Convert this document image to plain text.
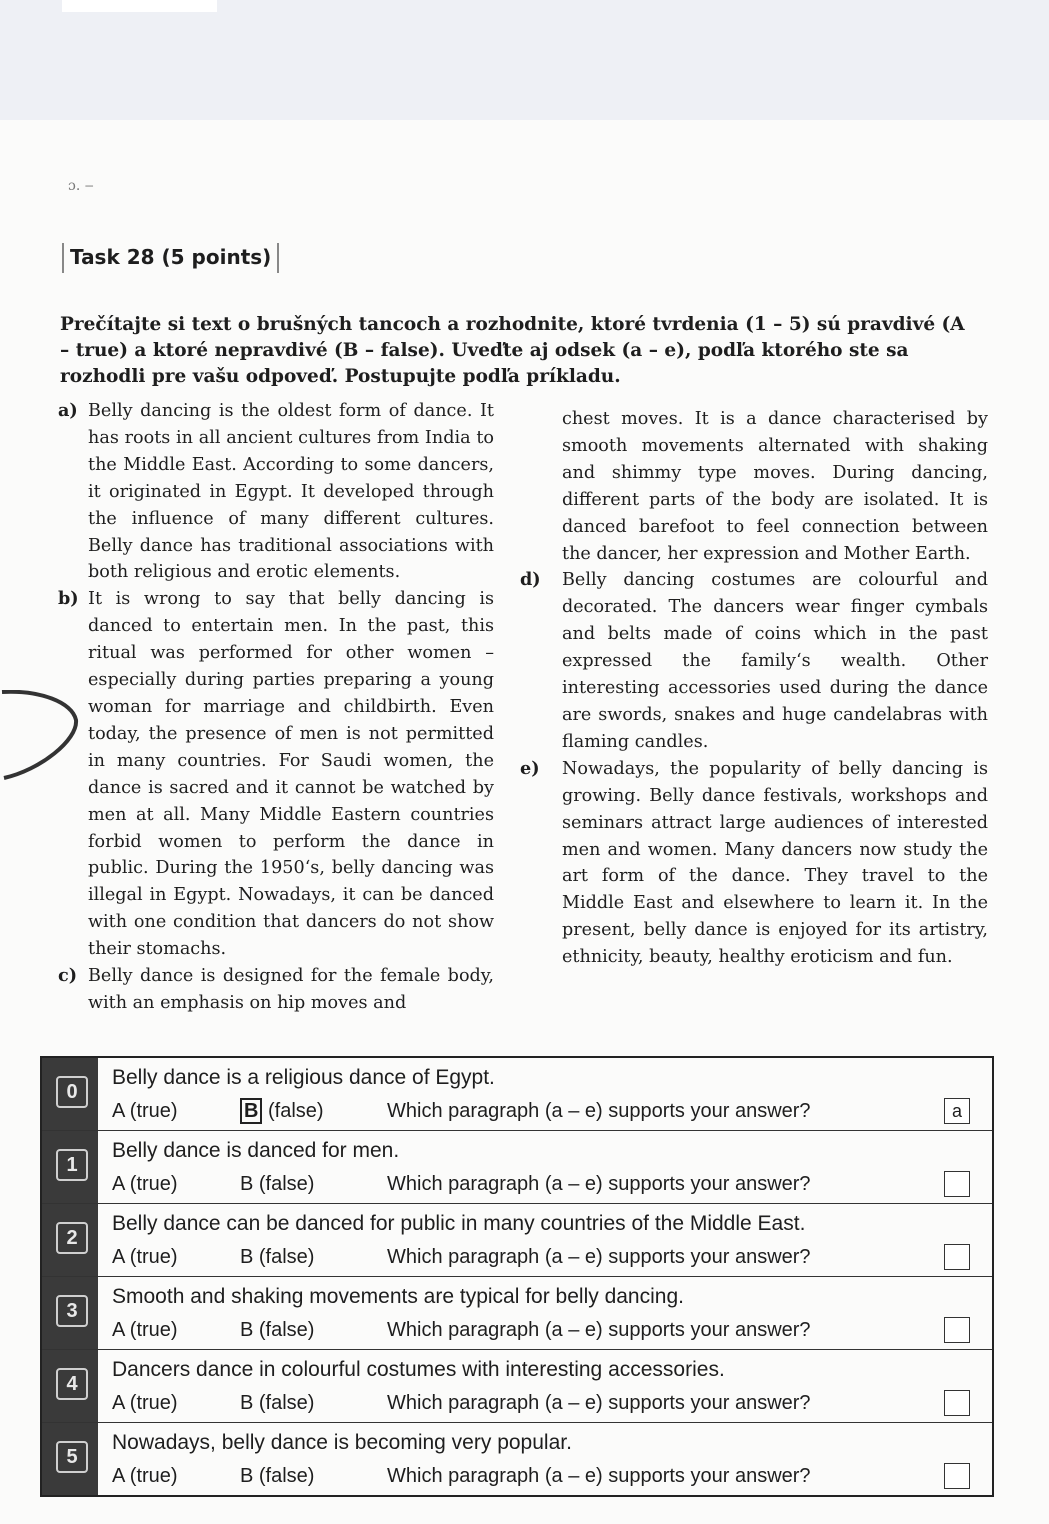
ɔ. ‒
Task 28 (5 points)
Prečítajte si text o brušných tancoch a rozhodnite, ktoré tvrdenia (1 – 5) sú pravdivé (A – true) a ktoré nepravdivé (B – false). Uveďte aj odsek (a – e), podľa ktorého ste sa rozhodli pre vašu odpoveď. Postupujte podľa príkladu.
a) Belly dancing is the oldest form of dance. It has roots in all ancient cultures from India to the Middle East. According to some dancers, it originated in Egypt. It developed through the influence of many different cultures. Belly dance has traditional associations with both religious and erotic elements.
b) It is wrong to say that belly dancing is danced to entertain men. In the past, this ritual was performed for other women – especially during parties preparing a young woman for marriage and childbirth. Even today, the presence of men is not permitted in many countries. For Saudi women, the dance is sacred and it cannot be watched by men at all. Many Middle Eastern countries forbid women to perform the dance in public. During the 1950‘s, belly dancing was illegal in Egypt. Nowadays, it can be danced with one condition that dancers do not show their stomachs.
c) Belly dance is designed for the female body, with an emphasis on hip moves and
chest moves. It is a dance characterised by smooth movements alternated with shaking and shimmy type moves. During dancing, different parts of the body are isolated. It is danced barefoot to feel connection between the dancer, her expression and Mother Earth.
d) Belly dancing costumes are colourful and decorated. The dancers wear finger cymbals and belts made of coins which in the past expressed the family‘s wealth. Other interesting accessories used during the dance are swords, snakes and huge candelabras with flaming candles.
e) Nowadays, the popularity of belly dancing is growing. Belly dance festivals, workshops and seminars attract large audiences of interested men and women. Many dancers now study the art form of the dance. They travel to the Middle East and elsewhere to learn it. In the present, belly dance is enjoyed for its artistry, ethnicity, beauty, healthy eroticism and fun.
0
Belly dance is a religious dance of Egypt.
A (true)	B (false)	Which paragraph (a – e) supports your answer?	a
1
Belly dance is danced for men.
A (true)	B (false)	Which paragraph (a – e) supports your answer?
2
Belly dance can be danced for public in many countries of the Middle East.
A (true)	B (false)	Which paragraph (a – e) supports your answer?
3
Smooth and shaking movements are typical for belly dancing.
A (true)	B (false)	Which paragraph (a – e) supports your answer?
4
Dancers dance in colourful costumes with interesting accessories.
A (true)	B (false)	Which paragraph (a – e) supports your answer?
5
Nowadays, belly dance is becoming very popular.
A (true)	B (false)	Which paragraph (a – e) supports your answer?
